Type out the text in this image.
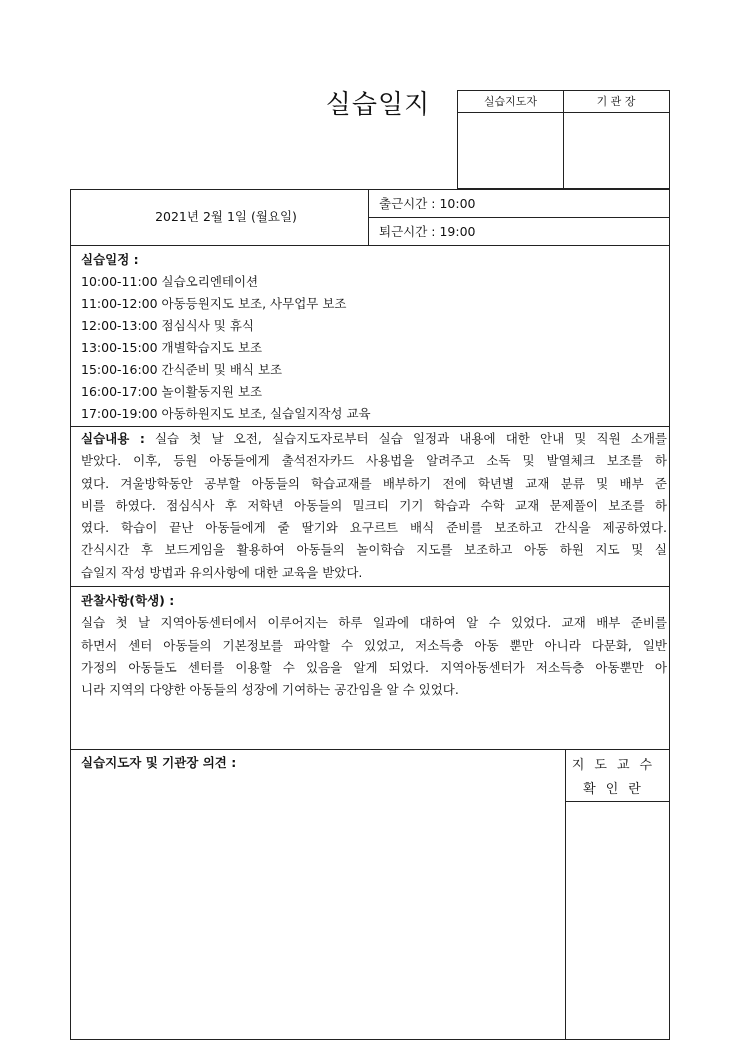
실습일지	실습지도자	기 관 장
2021년 2월 1일 (월요일)
출근시간 : 10:00
퇴근시간 : 19:00
실습일정 :
10:00-11:00 실습오리엔테이션
11:00-12:00 아동등원지도 보조, 사무업무 보조
12:00-13:00 점심식사 및 휴식
13:00-15:00 개별학습지도 보조
15:00-16:00 간식준비 및 배식 보조
16:00-17:00 놀이활동지원 보조
17:00-19:00 아동하원지도 보조, 실습일지작성 교육
실습내용 : 실습 첫 날 오전, 실습지도자로부터 실습 일정과 내용에 대한 안내 및 직원 소개를
받았다. 이후, 등원 아동들에게 출석전자카드 사용법을 알려주고 소독 및 발열체크 보조를 하
였다. 겨울방학동안 공부할 아동들의 학습교재를 배부하기 전에 학년별 교재 분류 및 배부 준
비를 하였다. 점심식사 후 저학년 아동들의 밀크티 기기 학습과 수학 교재 문제풀이 보조를 하
였다. 학습이 끝난 아동들에게 줄 딸기와 요구르트 배식 준비를 보조하고 간식을 제공하였다.
간식시간 후 보드게임을 활용하여 아동들의 놀이학습 지도를 보조하고 아동 하원 지도 및 실
습일지 작성 방법과 유의사항에 대한 교육을 받았다.
관찰사항(학생) :
실습 첫 날 지역아동센터에서 이루어지는 하루 일과에 대하여 알 수 있었다. 교재 배부 준비를
하면서 센터 아동들의 기본정보를 파악할 수 있었고, 저소득층 아동 뿐만 아니라 다문화, 일반
가정의 아동들도 센터를 이용할 수 있음을 알게 되었다. 지역아동센터가 저소득층 아동뿐만 아
니라 지역의 다양한 아동들의 성장에 기여하는 공간임을 알 수 있었다.
실습지도자 및 기관장 의견 :	지도교수
확인란
